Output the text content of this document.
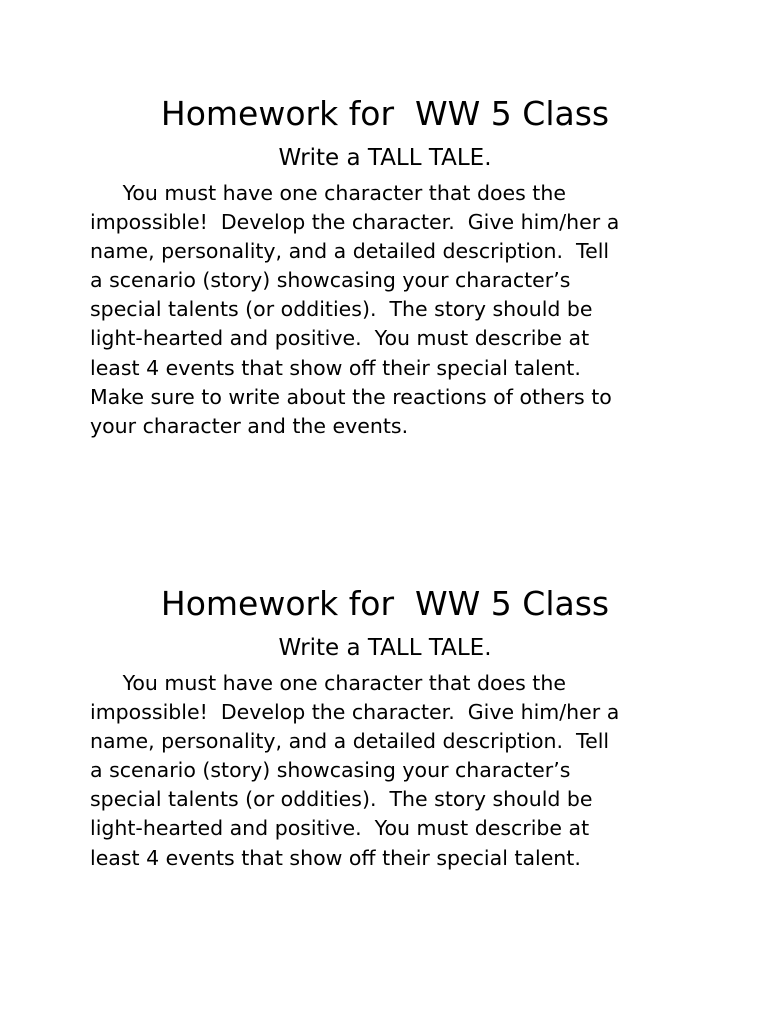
Homework for  WW 5 Class
Write a TALL TALE.
You must have one character that does the
impossible!  Develop the character.  Give him/her a
name, personality, and a detailed description.  Tell
a scenario (story) showcasing your character’s
special talents (or oddities).  The story should be
light-hearted and positive.  You must describe at
least 4 events that show off their special talent.
Make sure to write about the reactions of others to
your character and the events.
Homework for  WW 5 Class
Write a TALL TALE.
You must have one character that does the
impossible!  Develop the character.  Give him/her a
name, personality, and a detailed description.  Tell
a scenario (story) showcasing your character’s
special talents (or oddities).  The story should be
light-hearted and positive.  You must describe at
least 4 events that show off their special talent.
